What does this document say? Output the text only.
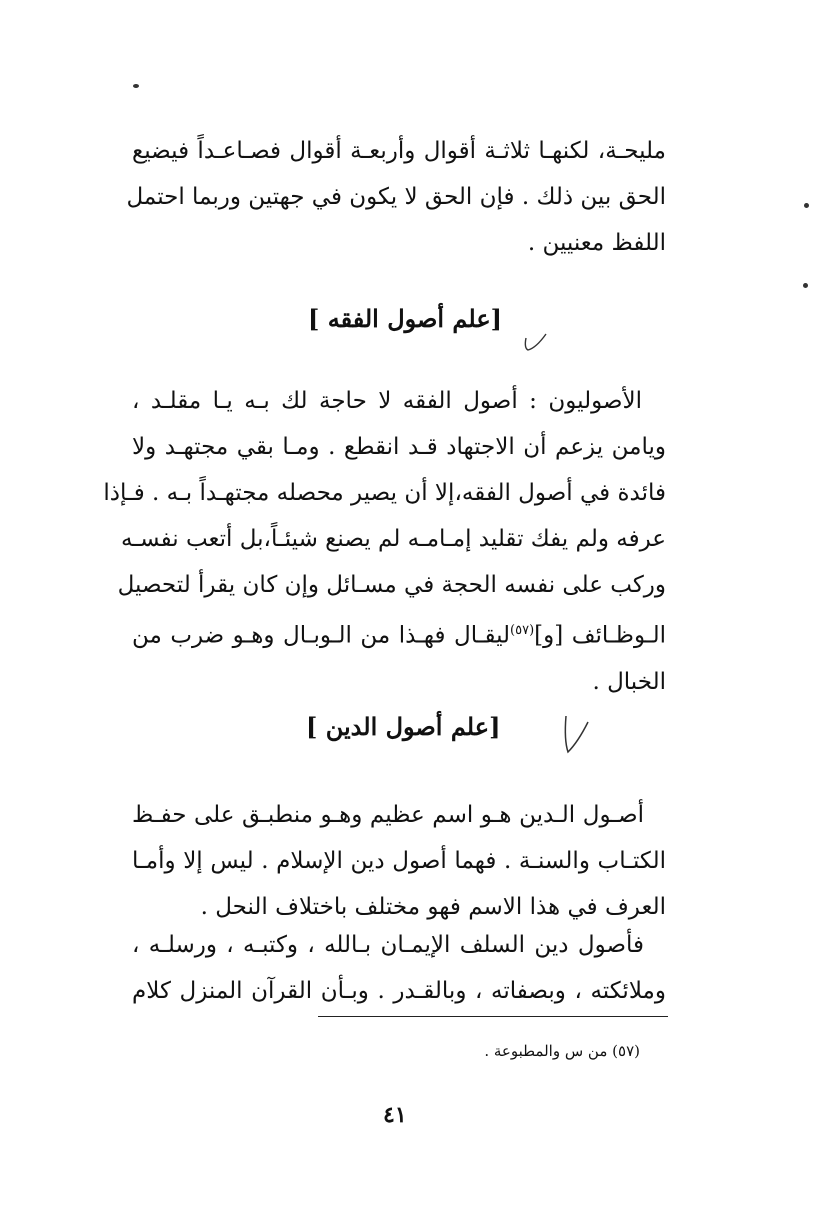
مليحـة، لكنهـا ثلاثـة أقوال وأربعـة أقوال فصـاعـداً فيضيع
الحق بين ذلك . فإن الحق لا يكون في جهتين وربما احتمل
اللفظ معنيين .
[علم أصول الفقه ]
الأصوليون : أصول الفقه لا حاجة لك بـه يـا مقلـد ،
ويامن يزعم أن الاجتهاد قـد انقطع . ومـا بقي مجتهـد ولا
فائدة في أصول الفقه،إلا أن يصير محصله مجتهـداً بـه . فـإذا
عرفه ولم يفك تقليد إمـامـه لم يصنع شيئـاً،بل أتعب نفسـه
وركب على نفسه الحجة في مسـائل وإن كان يقرأ لتحصيل
الـوظـائف [و]$^{(٥٧)}$ليقـال فهـذا من الـوبـال وهـو ضرب من
الخبال .
[علم أصول الدين ]
أصـول الـدين هـو اسم عظيم وهـو منطبـق على حفـظ
الكتـاب والسنـة . فهما أصول دين الإسلام . ليس إلا وأمـا
العرف في هذا الاسم فهو مختلف باختلاف النحل .
فأصول دين السلف الإيمـان بـالله ، وكتبـه ، ورسلـه ،
وملائكته ، وبصفاته ، وبالقـدر . وبـأن القرآن المنزل كلام
(٥٧) من س والمطبوعة .
٤١
